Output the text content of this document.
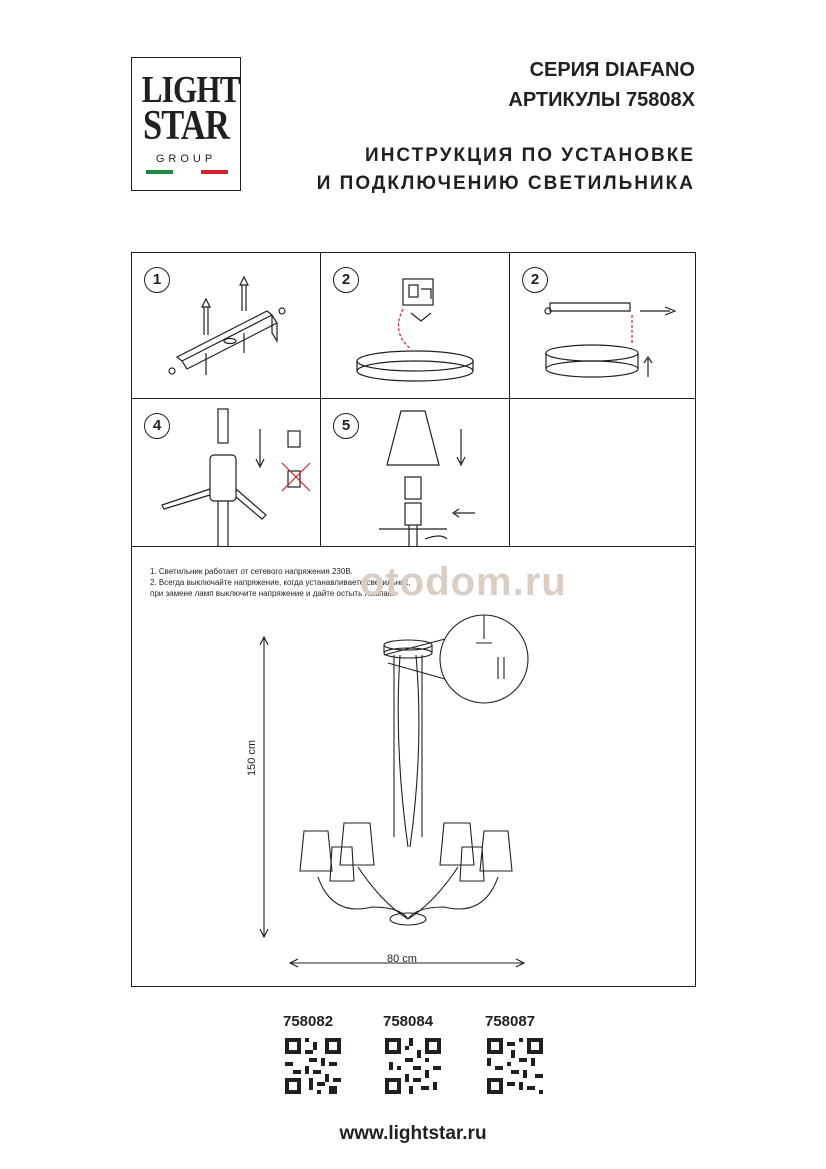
LIGHT
STAR
GROUP
СЕРИЯ DIAFANO
АРТИКУЛЫ 75808Х
ИНСТРУКЦИЯ ПО УСТАНОВКЕ
И ПОДКЛЮЧЕНИЮ СВЕТИЛЬНИКА
1	2	2
4	5
1. Светильник работает от сетевого напряжения 230В.
2. Всегда выключайте напряжение, когда устанавливаете светильник,
при замене ламп выключите напряжение и дайте остыть лампам.
otodom.ru
150 cm
80 cm
758082	758084	758087
www.lightstar.ru
